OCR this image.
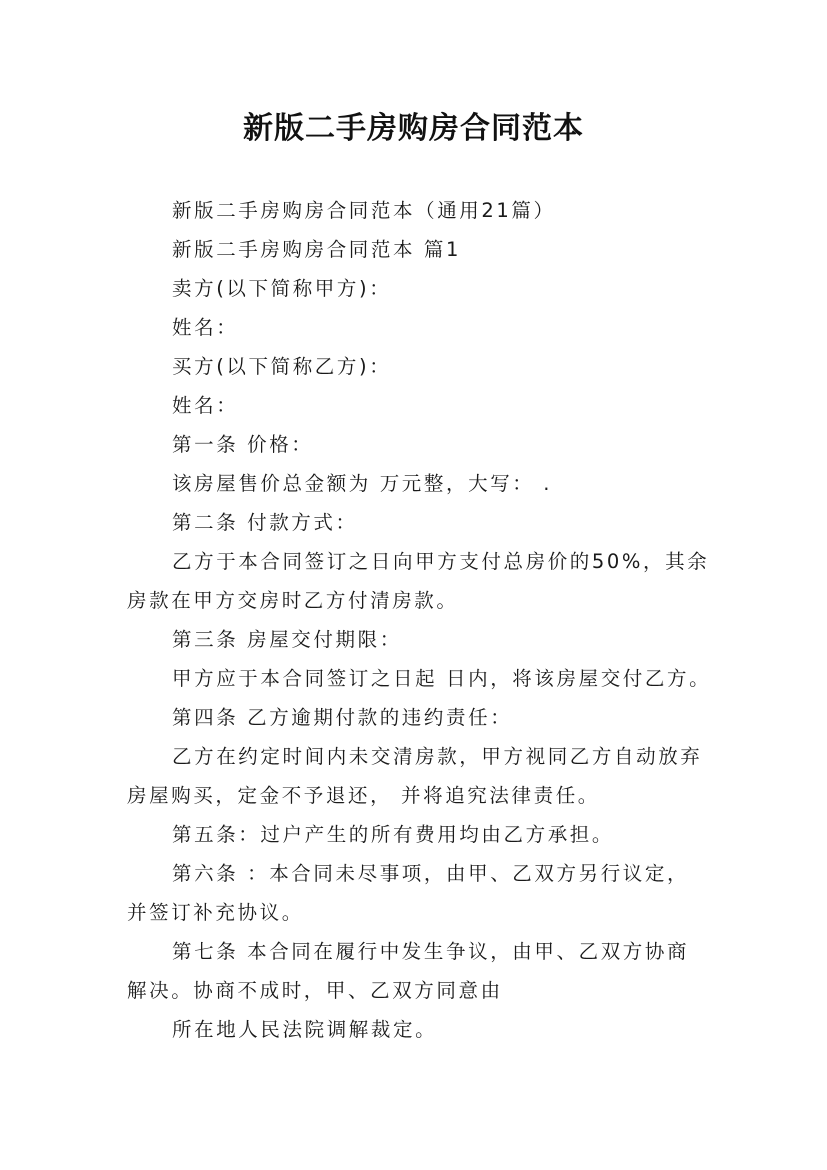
新版二手房购房合同范本

新版二手房购房合同范本（通用21篇）

新版二手房购房合同范本 篇1

卖方(以下简称甲方)：

姓名：

买方(以下简称乙方)：

姓名：

第一条 价格：

该房屋售价总金额为 万元整，大写： .

第二条 付款方式：

乙方于本合同签订之日向甲方支付总房价的50%，其余

房款在甲方交房时乙方付清房款。

第三条 房屋交付期限：

甲方应于本合同签订之日起 日内，将该房屋交付乙方。

第四条 乙方逾期付款的违约责任：

乙方在约定时间内未交清房款，甲方视同乙方自动放弃

房屋购买，定金不予退还， 并将追究法律责任。

第五条：过户产生的所有费用均由乙方承担。

第六条 ：本合同未尽事项，由甲、乙双方另行议定，

并签订补充协议。

第七条 本合同在履行中发生争议，由甲、乙双方协商

解决。协商不成时，甲、乙双方同意由

所在地人民法院调解裁定。
